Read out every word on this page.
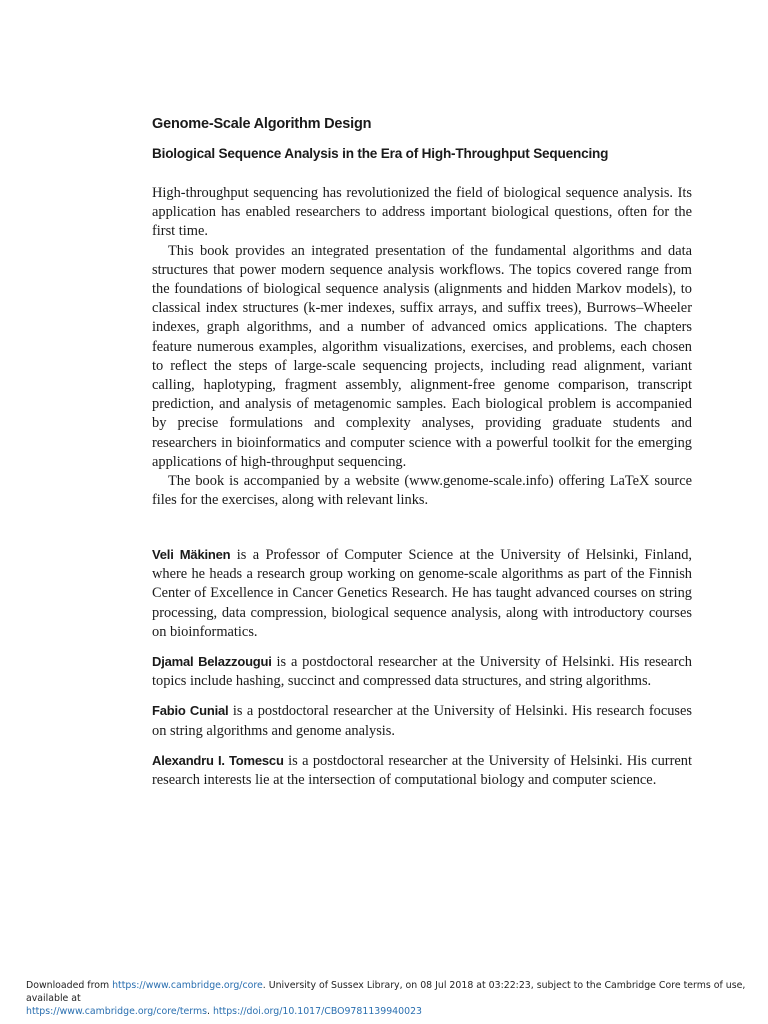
Genome-Scale Algorithm Design
Biological Sequence Analysis in the Era of High-Throughput Sequencing

High-throughput sequencing has revolutionized the field of biological sequence analysis. Its application has enabled researchers to address important biological questions, often for the first time.

This book provides an integrated presentation of the fundamental algorithms and data structures that power modern sequence analysis workflows. The topics covered range from the foundations of biological sequence analysis (alignments and hidden Markov models), to classical index structures (k-mer indexes, suffix arrays, and suffix trees), Burrows–Wheeler indexes, graph algorithms, and a number of advanced omics applications. The chapters feature numerous examples, algorithm visualizations, exercises, and problems, each chosen to reflect the steps of large-scale sequencing projects, including read alignment, variant calling, haplotyping, fragment assembly, alignment-free genome comparison, transcript prediction, and analysis of metagenomic samples. Each biological problem is accompanied by precise formulations and complexity analyses, providing graduate students and researchers in bioinformatics and computer science with a powerful toolkit for the emerging applications of high-throughput sequencing.

The book is accompanied by a website (www.genome-scale.info) offering LaTeX source files for the exercises, along with relevant links.

Veli Mäkinen is a Professor of Computer Science at the University of Helsinki, Finland, where he heads a research group working on genome-scale algorithms as part of the Finnish Center of Excellence in Cancer Genetics Research. He has taught advanced courses on string processing, data compression, biological sequence analysis, along with introductory courses on bioinformatics.

Djamal Belazzougui is a postdoctoral researcher at the University of Helsinki. His research topics include hashing, succinct and compressed data structures, and string algorithms.

Fabio Cunial is a postdoctoral researcher at the University of Helsinki. His research focuses on string algorithms and genome analysis.

Alexandru I. Tomescu is a postdoctoral researcher at the University of Helsinki. His current research interests lie at the intersection of computational biology and computer science.

Downloaded from https://www.cambridge.org/core. University of Sussex Library, on 08 Jul 2018 at 03:22:23, subject to the Cambridge Core terms of use, available at
https://www.cambridge.org/core/terms. https://doi.org/10.1017/CBO9781139940023
